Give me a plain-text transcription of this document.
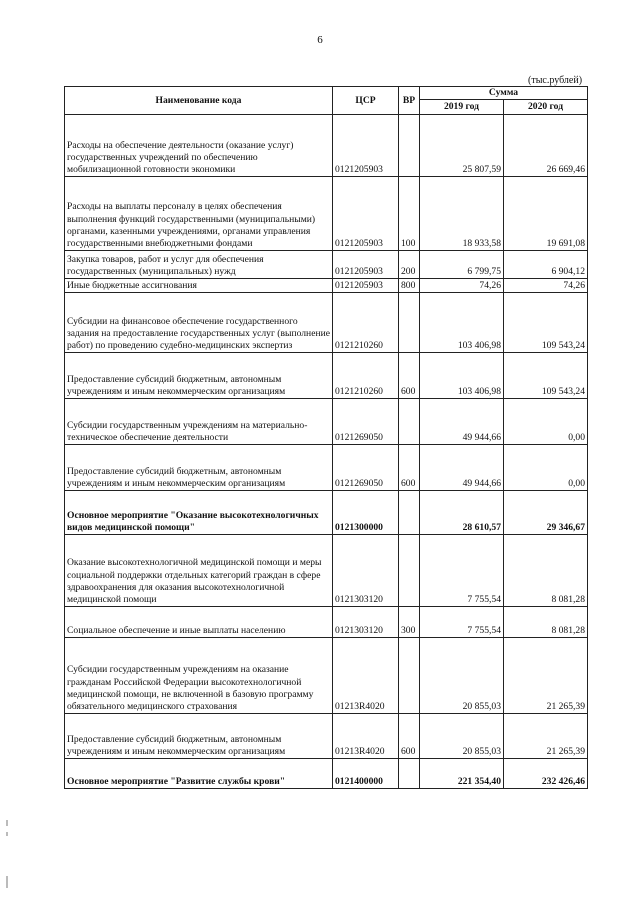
6
(тыс.рублей)
Наименование кода	ЦСР	ВР	Сумма	
			2019 год	2020 год
Расходы на обеспечение деятельности (оказание услуг) государственных учреждений по обеспечению мобилизационной готовности экономики	0121205903		25 807,59	26 669,46
Расходы на выплаты персоналу в целях обеспечения выполнения функций государственными (муниципальными) органами, казенными учреждениями, органами управления государственными внебюджетными фондами	0121205903	100	18 933,58	19 691,08
Закупка товаров, работ и услуг для обеспечения государственных (муниципальных) нужд	0121205903	200	6 799,75	6 904,12
Иные бюджетные ассигнования	0121205903	800	74,26	74,26
Субсидии на финансовое обеспечение государственного задания на предоставление государственных услуг (выполнение работ) по проведению судебно-медицинских экспертиз	0121210260		103 406,98	109 543,24
Предоставление субсидий бюджетным, автономным учреждениям и иным некоммерческим организациям	0121210260	600	103 406,98	109 543,24
Субсидии государственным учреждениям на материально-техническое обеспечение деятельности	0121269050		49 944,66	0,00
Предоставление субсидий бюджетным, автономным учреждениям и иным некоммерческим организациям	0121269050	600	49 944,66	0,00
Основное мероприятие "Оказание высокотехнологичных видов медицинской помощи"	0121300000		28 610,57	29 346,67
Оказание высокотехнологичной медицинской помощи и меры социальной поддержки отдельных категорий граждан в сфере здравоохранения для оказания высокотехнологичной медицинской помощи	0121303120		7 755,54	8 081,28
Социальное обеспечение и иные выплаты населению	0121303120	300	7 755,54	8 081,28
Субсидии государственным учреждениям на оказание гражданам Российской Федерации высокотехнологичной медицинской помощи, не включенной в базовую программу обязательного медицинского страхования	01213R4020		20 855,03	21 265,39
Предоставление субсидий бюджетным, автономным учреждениям и иным некоммерческим организациям	01213R4020	600	20 855,03	21 265,39
Основное мероприятие "Развитие службы крови"	0121400000		221 354,40	232 426,46
